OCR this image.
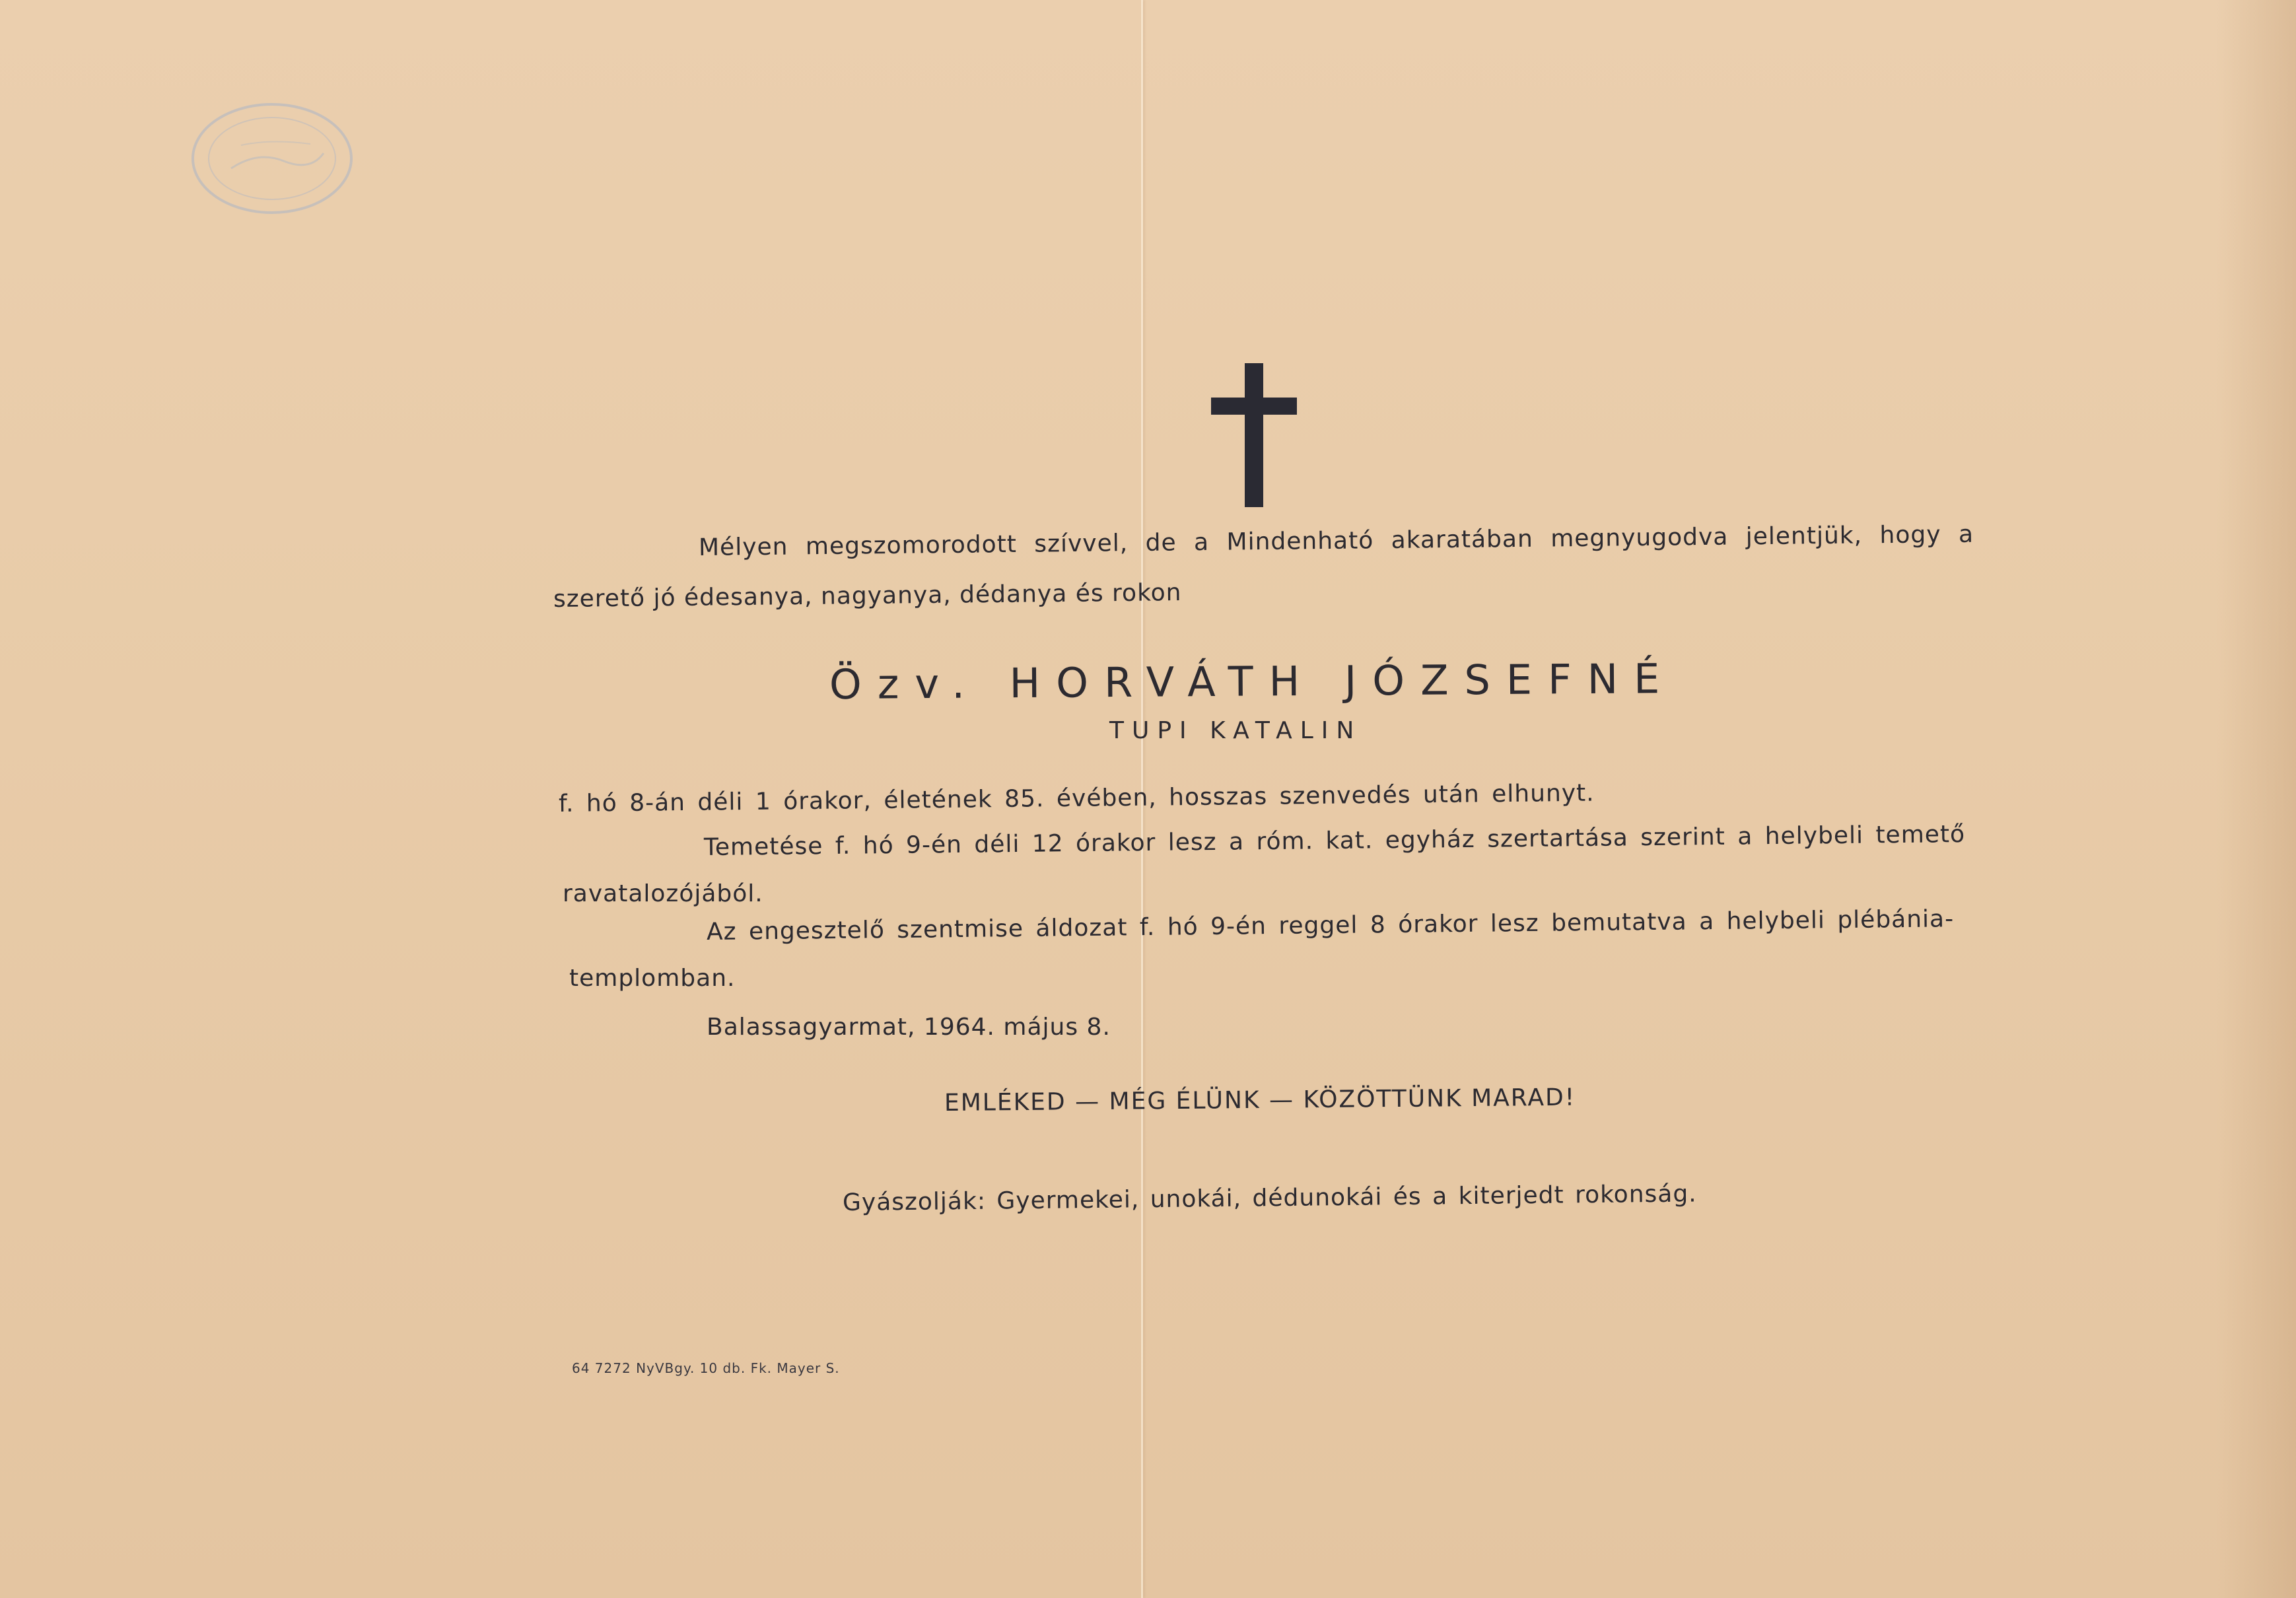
Mélyen megszomorodott szívvel, de a Mindenható akaratában megnyugodva jelentjük, hogy a
szerető jó édesanya, nagyanya, dédanya és rokon
Özv. HORVÁTH JÓZSEFNÉ
TUPI KATALIN
f. hó 8-án déli 1 órakor, életének 85. évében, hosszas szenvedés után elhunyt.
Temetése f. hó 9-én déli 12 órakor lesz a róm. kat. egyház szertartása szerint a helybeli temető
ravatalozójából.
Az engesztelő szentmise áldozat f. hó 9-én reggel 8 órakor lesz bemutatva a helybeli plébánia-
templomban.
Balassagyarmat, 1964. május 8.
EMLÉKED — MÉG ÉLÜNK — KÖZÖTTÜNK MARAD!
Gyászolják: Gyermekei, unokái, dédunokái és a kiterjedt rokonság.
64 7272 NyVBgy. 10 db. Fk. Mayer S.
